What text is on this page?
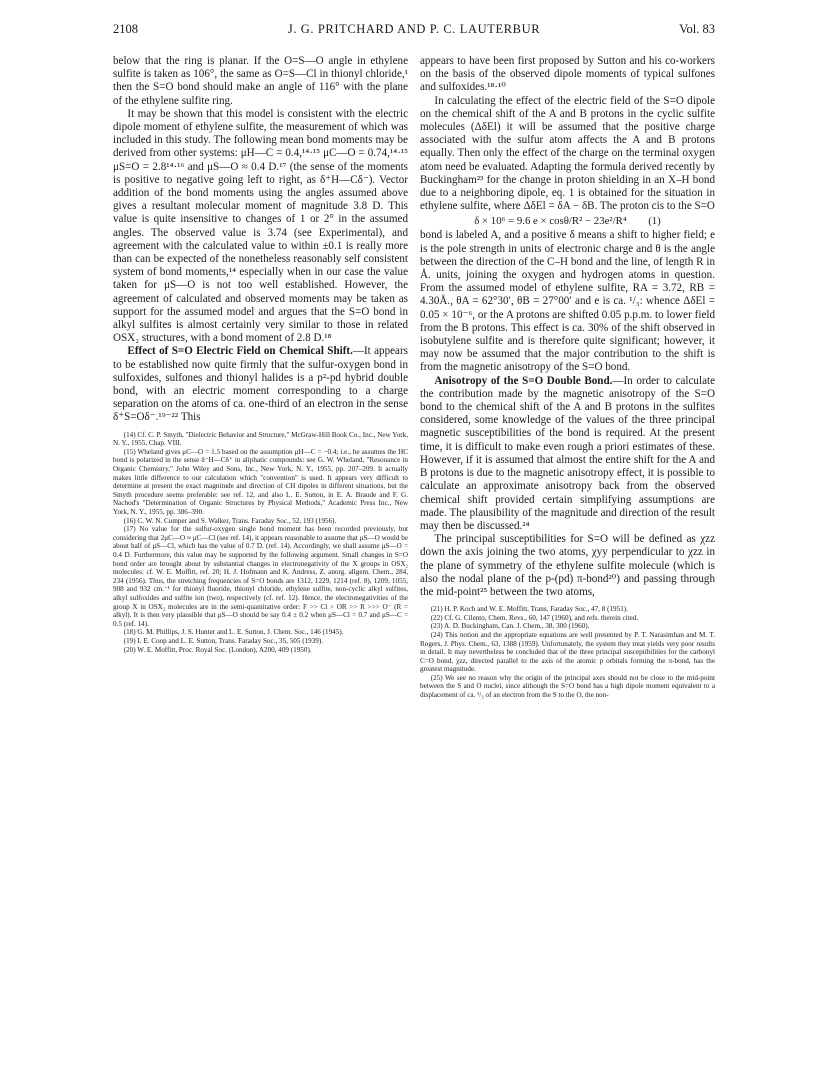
2108	J. G. PRITCHARD AND P. C. LAUTERBUR	Vol. 83

below that the ring is planar. If the O=S—O angle in ethylene sulfite is taken as 106°, the same as O=S—Cl in thionyl chloride,¹ then the S=O bond should make an angle of 116° with the plane of the ethylene sulfite ring.

It may be shown that this model is consistent with the electric dipole moment of ethylene sulfite, the measurement of which was included in this study. The following mean bond moments may be derived from other systems: μH—C = 0.4,¹⁴·¹⁵ μC—O = 0.74,¹⁴·¹⁵ μS=O = 2.8¹⁴·¹⁶ and μS—O ≈ 0.4 D.¹⁷ (the sense of the moments is positive to negative going left to right, as δ⁺H—Cδ⁻). Vector addition of the bond moments using the angles assumed above gives a resultant molecular moment of magnitude 3.8 D. This value is quite insensitive to changes of 1 or 2° in the assumed angles. The observed value is 3.74 (see Experimental), and agreement with the calculated value to within ±0.1 is really more than can be expected of the nonetheless reasonably self consistent system of bond moments,¹⁴ especially when in our case the value taken for μS—O is not too well established. However, the agreement of calculated and observed moments may be taken as support for the assumed model and argues that the S=O bond in alkyl sulfites is almost certainly very similar to those in related OSX₂ structures, with a bond moment of 2.8 D.¹⁸

Effect of S=O Electric Field on Chemical Shift.—It appears to be established now quite firmly that the sulfur-oxygen bond in sulfoxides, sulfones and thionyl halides is a p²-pd hybrid double bond, with an electric moment corresponding to a charge separation on the atoms of ca. one-third of an electron in the sense δ⁺S=Oδ⁻.¹⁹⁻²² This

(14) Cf. C. P. Smyth, "Dielectric Behavior and Structure," McGraw-Hill Book Co., Inc., New York, N. Y., 1955, Chap. VIII.

(15) Wheland gives μC—O = 1.5 based on the assumption μH—C = −0.4; i.e., he assumes the HC bond is polarized in the sense δ⁻H—Cδ⁺ in aliphatic compounds: see G. W. Wheland, "Resonance in Organic Chemistry," John Wiley and Sons, Inc., New York, N. Y., 1955, pp. 207–209. It actually makes little difference to our calculation which "convention" is used. It appears very difficult to determine at present the exact magnitude and direction of CH dipoles in different situations, but the Smyth procedure seems preferable: see ref. 12, and also L. E. Sutton, in E. A. Braude and F. G. Nachod's "Determination of Organic Structures by Physical Methods," Academic Press Inc., New York, N. Y., 1955, pp. 386–390.

(16) C. W. N. Cumper and S. Walker, Trans. Faraday Soc., 52, 193 (1956).

(17) No value for the sulfur-oxygen single bond moment has been recorded previously, but considering that 2μC—O ≈ μC—Cl (see ref. 14), it appears reasonable to assume that μS—O would be about half of μS—Cl, which has the value of 0.7 D. (ref. 14). Accordingly, we shall assume μS—O = 0.4 D. Furthermore, this value may be supported by the following argument. Small changes in S=O bond order are brought about by substantial changes in electronegativity of the X groups in OSX₂ molecules: cf. W. E. Moffitt, ref. 20; H. J. Hofmann and K. Andress, Z. anorg. allgem. Chem., 284, 234 (1956). Thus, the stretching frequencies of S=O bonds are 1312, 1229, 1214 (ref. 8), 1209, 1055, 908 and 932 cm.⁻¹ for thionyl fluoride, thionyl chloride, ethylene sulfite, non-cyclic alkyl sulfites, alkyl sulfoxides and sulfite ion (two), respectively (cf. ref. 12). Hence, the electronegativities of the group X in OSX₂ molecules are in the semi-quantitative order: F >> Cl > OR >> R >>> O⁻ (R = alkyl). It is then very plausible that μS—O should be say 0.4 ± 0.2 when μS—Cl = 0.7 and μS—C = 0.5 (ref. 14).

(18) G. M. Phillips, J. S. Hunter and L. E. Sutton, J. Chem. Soc., 146 (1945).

(19) I. E. Coop and L. E. Sutton, Trans. Faraday Soc., 35, 505 (1939).

(20) W. E. Moffitt, Proc. Royal Soc. (London), A200, 409 (1950).

appears to have been first proposed by Sutton and his co-workers on the basis of the observed dipole moments of typical sulfones and sulfoxides.¹⁸·¹⁰

In calculating the effect of the electric field of the S=O dipole on the chemical shift of the A and B protons in the cyclic sulfite molecules (ΔδEl) it will be assumed that the positive charge associated with the sulfur atom affects the A and B protons equally. Then only the effect of the charge on the terminal oxygen atom need be evaluated. Adapting the formula derived recently by Buckingham²³ for the change in proton shielding in an X–H bond due to a neighboring dipole, eq. 1 is obtained for the situation in ethylene sulfite, where ΔδEl = δA − δB. The proton cis to the S=O

δ × 10⁶ = 9.6 e × cosθ/R² − 23e²/R⁴        (1)

bond is labeled A, and a positive δ means a shift to higher field; e is the pole strength in units of electronic charge and θ is the angle between the direction of the C–H bond and the line, of length R in Å. units, joining the oxygen and hydrogen atoms in question. From the assumed model of ethylene sulfite, RA = 3.72, RB = 4.30Å., θA = 62°30′, θB = 27°00′ and e is ca. ¹/₃: whence ΔδEl = 0.05 × 10⁻⁶, or the A protons are shifted 0.05 p.p.m. to lower field from the B protons. This effect is ca. 30% of the shift observed in isobutylene sulfite and is therefore quite significant; however, it may now be assumed that the major contribution to the shift is from the magnetic anisotropy of the S=O bond.

Anisotropy of the S=O Double Bond.—In order to calculate the contribution made by the magnetic anisotropy of the S=O bond to the chemical shift of the A and B protons in the sulfites considered, some knowledge of the values of the three principal magnetic susceptibilities of the bond is required. At the present time, it is difficult to make even rough a priori estimates of these. However, if it is assumed that almost the entire shift for the A and B protons is due to the magnetic anisotropy effect, it is possible to calculate an approximate anisotropy back from the observed chemical shift provided certain simplifying assumptions are made. The plausibility of the magnitude and direction of the result may then be discussed.²⁴

The principal susceptibilities for S=O will be defined as χzz down the axis joining the two atoms, χyy perpendicular to χzz in the plane of symmetry of the ethylene sulfite molecule (which is also the nodal plane of the p-(pd) π-bond²⁰) and passing through the mid-point²⁵ between the two atoms,

(21) H. P. Koch and W. E. Moffitt, Trans. Faraday Soc., 47, 8 (1951).

(22) Cf. G. Cilento, Chem. Revs., 60, 147 (1960), and refs. therein cited.

(23) A. D. Buckingham, Can. J. Chem., 38, 300 (1960).

(24) This notion and the appropriate equations are well presented by P. T. Narasimhan and M. T. Rogers, J. Phys. Chem., 63, 1388 (1959). Unfortunately, the system they treat yields very poor results in detail. It may nevertheless be concluded that of the three principal susceptibilities for the carbonyl C=O bond, χzz, directed parallel to the axis of the atomic p orbitals forming the π-bond, has the greatest magnitude.

(25) We see no reason why the origin of the principal axes should not be close to the mid-point between the S and O nuclei, since although the S=O bond has a high dipole moment equivalent to a displacement of ca. ¹/₃ of an electron from the S to the O, the non-
